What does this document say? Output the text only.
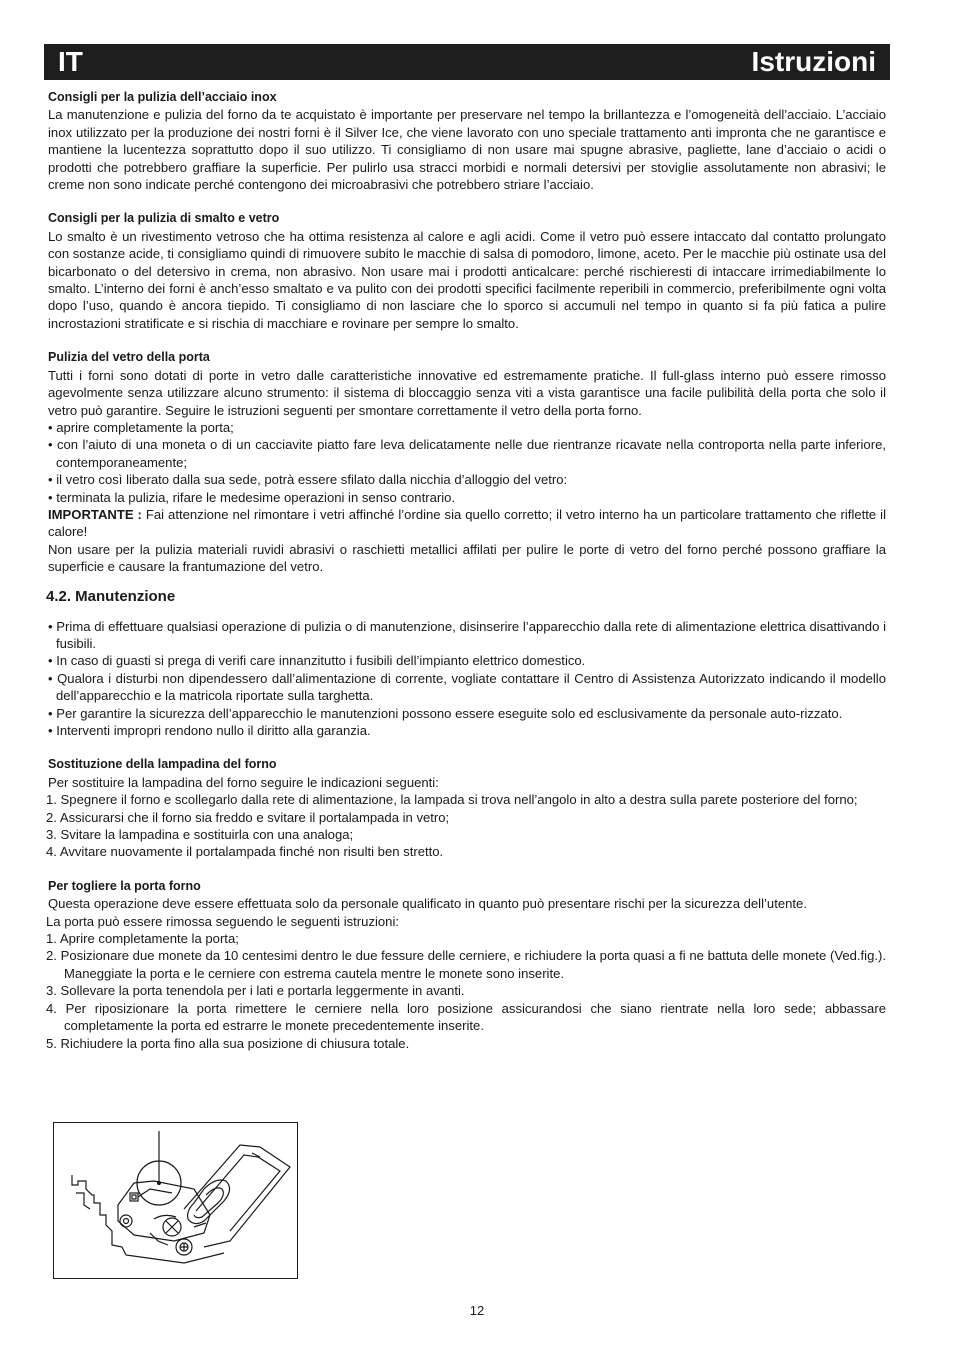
IT	Istruzioni

Consigli per la pulizia dell’acciaio inox

La manutenzione e pulizia del forno da te acquistato è importante per preservare nel tempo la brillantezza e l’omogeneità dell’acciaio. L’acciaio inox utilizzato per la produzione dei nostri forni è il Silver Ice, che viene lavorato con uno speciale trattamento anti impronta che ne garantisce e mantiene la lucentezza soprattutto dopo il suo utilizzo. Ti consigliamo di non usare mai spugne abrasive, pagliette, lane d’acciaio o acidi o prodotti che potrebbero graffiare la superficie. Per pulirlo usa stracci morbidi e normali detersivi per stoviglie assolutamente non abrasivi; le creme non sono indicate perché contengono dei microabrasivi che potrebbero striare l’acciaio.

Consigli per la pulizia di smalto e vetro

Lo smalto è un rivestimento vetroso che ha ottima resistenza al calore e agli acidi. Come il vetro può essere intaccato dal contatto prolungato con sostanze acide, ti consigliamo quindi di rimuovere subito le macchie di salsa di pomodoro, limone, aceto. Per le macchie più ostinate usa del bicarbonato o del detersivo in crema, non abrasivo. Non usare mai i prodotti anticalcare: perché rischieresti di intaccare irrimediabilmente lo smalto. L’interno dei forni è anch’esso smaltato e va pulito con dei prodotti specifici facilmente reperibili in commercio, preferibilmente ogni volta dopo l’uso, quando è ancora tiepido. Ti consigliamo di non lasciare che lo sporco si accumuli nel tempo in quanto si fa più fatica a pulire incrostazioni stratificate e si rischia di macchiare e rovinare per sempre lo smalto.

Pulizia del vetro della porta

Tutti i forni sono dotati di porte in vetro dalle caratteristiche innovative ed estremamente pratiche. Il full-glass interno può essere rimosso agevolmente senza utilizzare alcuno strumento: il sistema di bloccaggio senza viti a vista garantisce una facile pulibilità della porta che solo il vetro può garantire. Seguire le istruzioni seguenti per smontare correttamente il vetro della porta forno.

• aprire completamente la porta;

• con l’aiuto di una moneta o di un cacciavite piatto fare leva delicatamente nelle due rientranze ricavate nella controporta nella parte inferiore, contemporaneamente;

• il vetro così liberato dalla sua sede, potrà essere sfilato dalla nicchia d’alloggio del vetro:

• terminata la pulizia, rifare le medesime operazioni in senso contrario.

IMPORTANTE : Fai attenzione nel rimontare i vetri affinché l’ordine sia quello corretto; il vetro interno ha un particolare trattamento che riflette il calore!

Non usare per la pulizia materiali ruvidi abrasivi o raschietti metallici affilati per pulire le porte di vetro del forno perché possono graffiare la superficie e causare la frantumazione del vetro.

4.2. Manutenzione

• Prima di effettuare qualsiasi operazione di pulizia o di manutenzione, disinserire l’apparecchio dalla rete di alimentazione elettrica disattivando i fusibili.

• In caso di guasti si prega di verifi care innanzitutto i fusibili dell’impianto elettrico domestico.

• Qualora i disturbi non dipendessero dall’alimentazione di corrente, vogliate contattare il Centro di Assistenza Autorizzato indicando il modello dell’apparecchio e la matricola riportate sulla targhetta.

• Per garantire la sicurezza dell’apparecchio le manutenzioni possono essere eseguite solo ed esclusivamente da personale auto-rizzato.

• Interventi impropri rendono nullo il diritto alla garanzia.

Sostituzione della lampadina del forno

Per sostituire la lampadina del forno seguire le indicazioni seguenti:

1. Spegnere il forno e scollegarlo dalla rete di alimentazione, la lampada si trova nell’angolo in alto a destra sulla parete posteriore del forno;

2. Assicurarsi che il forno sia freddo e svitare il portalampada in vetro;

3. Svitare la lampadina e sostituirla con una analoga;

4. Avvitare nuovamente il portalampada finché non risulti ben stretto.

Per togliere la porta forno

Questa operazione deve essere effettuata solo da personale qualificato in quanto può presentare rischi per la sicurezza dell’utente.

La porta può essere rimossa seguendo le seguenti istruzioni:

1. Aprire completamente la porta;

2. Posizionare due monete da 10 centesimi dentro le due fessure delle cerniere, e richiudere la porta quasi a fi ne battuta delle monete (Ved.fig.). Maneggiate la porta e le cerniere con estrema cautela mentre le monete sono inserite.

3. Sollevare la porta tenendola per i lati e portarla leggermente in avanti.

4. Per riposizionare la porta rimettere le cerniere nella loro posizione assicurandosi che siano rientrate nella loro sede; abbassare completamente la porta ed estrarre le monete precedentemente inserite.

5. Richiudere la porta fino alla sua posizione di chiusura totale.

12
